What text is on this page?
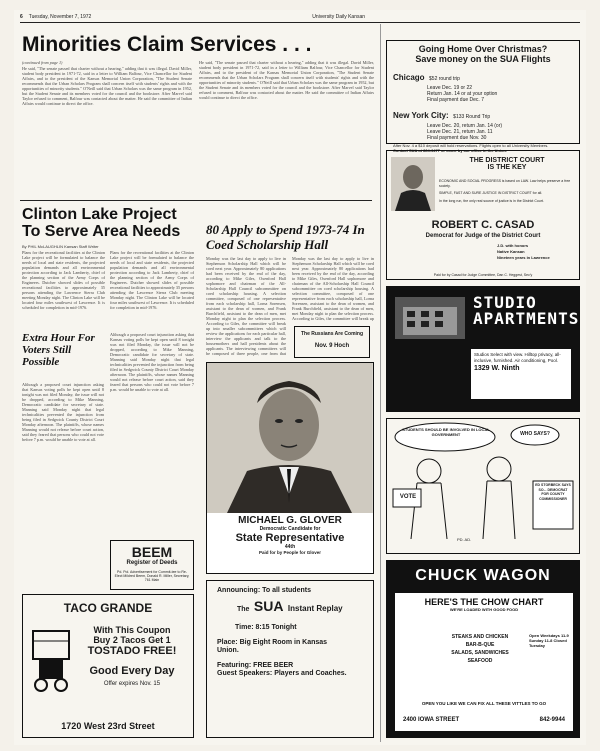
6 Tuesday, November 7, 1972	University Daily Kansan
Minorities Claim Services . . .
(continued from page 1)
He said, "The senate passed that charter without a hearing," adding that it was illegal. David Miller, student body president in 1971-72, said in a letter to William Balfour, Vice Chancellor for Student Affairs, and to the president of the Kansas Memorial Union Corporation, "The Student Senate recommends that the Urban Scholars Program shall concern itself with students' rights and with the opportunities of minority students." O'Neill said that Urban Scholars was the same program in 1952, but the Student Senate and its members voted for the council and the bookstore. After Marvel said Taylor refused to comment, Balfour was contacted about the matter. He said the committee of Indian Affairs would continue to direct the office.
He said, "The senate passed that charter without a hearing," adding that it was illegal. David Miller, student body president in 1971-72, said in a letter to William Balfour, Vice Chancellor for Student Affairs, and to the president of the Kansas Memorial Union Corporation, "The Student Senate recommends that the Urban Scholars Program shall concern itself with students' rights and with the opportunities of minority students." O'Neill said that Urban Scholars was the same program in 1952, but the Student Senate and its members voted for the council and the bookstore. After Marvel said Taylor refused to comment, Balfour was contacted about the matter. He said the committee of Indian Affairs would continue to direct the office.
Clinton Lake Project To Serve Area Needs
By PHIL McLAUGHLIN Kansan Staff Writer
Plans for the recreational facilities at the Clinton Lake project will be formulated to balance the needs of local and state residents, the projected population demands and all environmental protection according to Jack Lamberty, chief of the planning section of the Army Corps of Engineers. Dutcher showed slides of possible recreational facilities to approximately 35 persons attending the Lawrence Sierra Club meeting Monday night. The Clinton Lake will be located four miles southwest of Lawrence. It is scheduled for completion in mid-1976.
Plans for the recreational facilities at the Clinton Lake project will be formulated to balance the needs of local and state residents, the projected population demands and all environmental protection according to Jack Lamberty, chief of the planning section of the Army Corps of Engineers. Dutcher showed slides of possible recreational facilities to approximately 35 persons attending the Lawrence Sierra Club meeting Monday night. The Clinton Lake will be located four miles southwest of Lawrence. It is scheduled for completion in mid-1976.
Extra Hour For Voters Still Possible
Although a proposed court injunction asking that Kansas voting polls be kept open until 8 tonight was not filed Monday, the issue will not be dropped, according to Mike Manning, Democratic candidate for secretary of state. Manning said Monday night that legal technicalities prevented the injunction from being filed in Sedgwick County District Court Monday afternoon. The plaintiffs, whose names Manning would not release before court action, said they feared that persons who could not vote before 7 p.m. would be unable to vote at all.
Although a proposed court injunction asking that Kansas voting polls be kept open until 8 tonight was not filed Monday, the issue will not be dropped, according to Mike Manning, Democratic candidate for secretary of state. Manning said Monday night that legal technicalities prevented the injunction from being filed in Sedgwick County District Court Monday afternoon. The plaintiffs, whose names Manning would not release before court action, said they feared that persons who could not vote before 7 p.m. would be unable to vote at all.
80 Apply to Spend 1973-74 In Coed Scholarship Hall
Monday was the last day to apply to live in Stephenson Scholarship Hall which will be coed next year. Approximately 80 applications had been received by the end of the day, according to Mike Giles, Oxenford Hall sophomore and chairman of the All-Scholarship Hall Council subcommittee on coed scholarship housing. A selection committee, composed of one representative from each scholarship hall, Lorna Sorensen, assistant to the dean of women, and Frank Burchfield, assistant to the dean of men, met Monday night to plan the selection process. According to Giles, the committee will break up into smaller subcommittees which will review the applications for each particular hall, interview the applicants and talk to the housemothers and hall presidents about the applicants. The interviewing committees will be composed of three people, one from that
Monday was the last day to apply to live in Stephenson Scholarship Hall which will be coed next year. Approximately 80 applications had been received by the end of the day, according to Mike Giles, Oxenford Hall sophomore and chairman of the All-Scholarship Hall Council subcommittee on coed scholarship housing. A selection committee, composed of one representative from each scholarship hall, Lorna Sorensen, assistant to the dean of women, and Frank Burchfield, assistant to the dean of men, met Monday night to plan the selection process. According to Giles, the committee will break up
The Russians Are Coming
Nov. 9 Hoch
MICHAEL G. GLOVER
Democratic Candidate for
State Representative
44th
Paid for by People for Glover
Announcing: To all students
The SUA Instant Replay
Time: 8:15 Tonight
Place: Big Eight Room in Kansas
Union.
Featuring: FREE BEER
Guest Speakers: Players and Coaches.
BEEM
Register of Deeds
Pd. Pol. Advertisement for Commit-tee to Re-Elect Mildred Beem, Donald R. Miller, Secretary, 761 Main
TACO GRANDE
With This Coupon
Buy 2 Tacos Get 1
TOSTADO FREE!
Good Every Day
Offer expires Nov. 15
1720 West 23rd Street
Going Home Over Christmas?
Save money on the SUA Flights
Chicago $52 round trip
Leave Dec. 19 or 22
Return Jan. 14 or at your option
Final payment due Dec. 7
New York City: $133 Round Trip
Leave Dec. 20, return Jan. 14 (or)
Leave Dec. 21, return Jan. 11
Final payment due Nov. 30
After Nov. 4 a $10 deposit will hold reservations. Flights open to all University Members.
Contact SUA at 864-3477 or come by our office in the Union.
THE DISTRICT COURT
IS THE KEY
ECONOMIC AND SOCIAL PROGRESS is based on LAW. Law helps preserve a free society.
SIMPLE, FAST AND SURE JUSTICE IN DISTRICT COURT for all.
In the long run, the only real source of justice is in the District Court.
ROBERT C. CASAD
Democrat for Judge of the District Court
J.D. with honors
Native Kansan
Nineteen years in Lawrence
Paid for by Casad for Judge Committee, Dan C. Heggest, Sec'y
STUDIO APARTMENTS
Studios Select with view. Hilltop privacy, all-inclusive, furnished. Air conditioning, Pool.
1329 W. Ninth
STUDENTS SHOULD BE INVOLVED IN LOCAL GOVERNMENT	WHO SAYS?
VOTE
ED STORBECK SAYS SO... DEMOCRAT FOR COUNTY COMMISSIONER
PD. AD.
CHUCK WAGON
HERE'S THE CHOW CHART
WE'RE LOADED WITH GOOD FOOD
STEAKS AND CHICKEN
BAR-B-QUE
SALADS, SANDWICHES
SEAFOOD
Open Weekdays 11-9 Sunday 11-8 Closed Tuesday
OPEN YOU LIKE WE CAN FIX ALL THESE VITTLES TO GO
2400 IOWA STREET	842-9944
